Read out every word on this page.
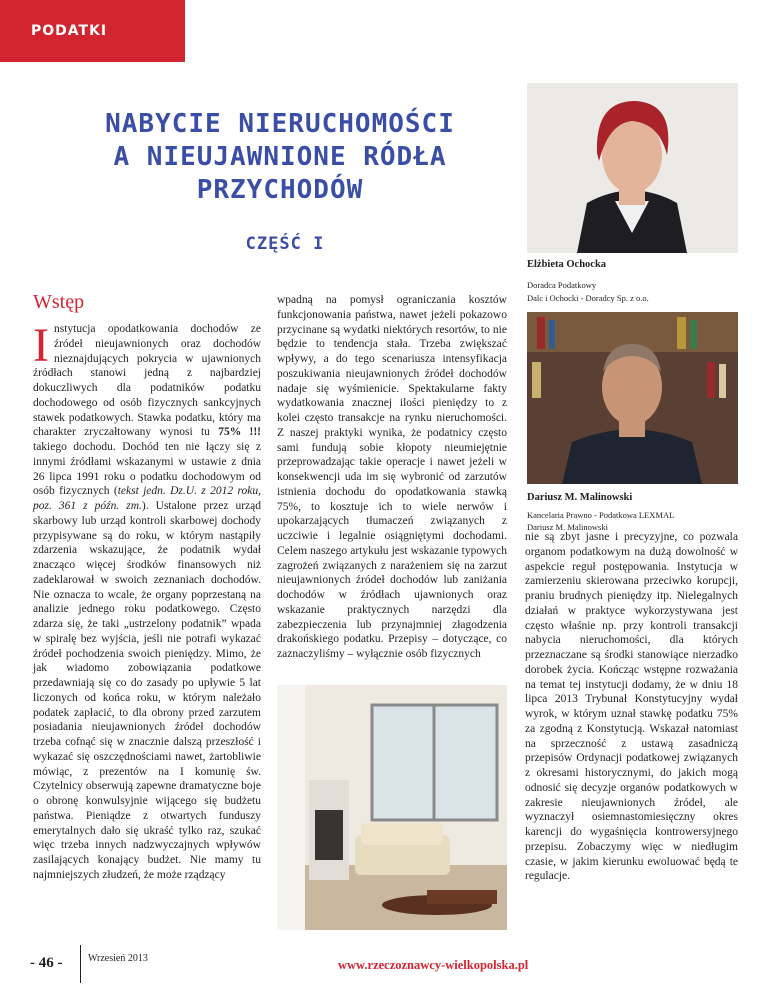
PODATKI
NABYCIE NIERUCHOMOŚCI
A NIEUJAWNIONE RÓDŁA
PRZYCHODÓW
CZĘŚĆ I
Elżbieta Ochocka
Doradca Podatkowy
Dalc i Ochocki - Doradcy Sp. z o.o.
Dariusz M. Malinowski
Kancelaria Prawno - Podatkowa LEXMAL
Dariusz M. Malinowski
Wstęp
Instytucja opodatkowania dochodów ze źródeł nieujawnionych oraz dochodów nieznajdujących pokrycia w ujawnionych źródłach stanowi jedną z najbardziej dokuczliwych dla podatników podatku dochodowego od osób fizycznych sankcyjnych stawek podatkowych. Stawka podatku, który ma charakter zryczałtowany wynosi tu 75% !!! takiego dochodu. Dochód ten nie łączy się z innymi źródłami wskazanymi w ustawie z dnia 26 lipca 1991 roku o podatku dochodowym od osób fizycznych (tekst jedn. Dz.U. z 2012 roku, poz. 361 z późn. zm.). Ustalone przez urząd skarbowy lub urząd kontroli skarbowej dochody przypisywane są do roku, w którym nastąpiły zdarzenia wskazujące, że podatnik wydał znacząco więcej środków finansowych niż zadeklarował w swoich zeznaniach dochodów. Nie oznacza to wcale, że organy poprzestaną na analizie jednego roku podatkowego. Często zdarza się, że taki „ustrzelony podatnik” wpada w spiralę bez wyjścia, jeśli nie potrafi wykazać źródeł pochodzenia swoich pieniędzy. Mimo, że jak wiadomo zobowiązania podatkowe przedawniają się co do zasady po upływie 5 lat liczonych od końca roku, w którym należało podatek zapłacić, to dla obrony przed zarzutem posiadania nieujawnionych źródeł dochodów trzeba cofnąć się w znacznie dalszą przeszłość i wykazać się oszczędnościami nawet, żartobliwie mówiąc, z prezentów na I komunię św. Czytelnicy obserwują zapewne dramatyczne boje o obronę konwulsyjnie wijącego się budżetu państwa. Pieniądze z otwartych funduszy emerytalnych dało się ukraść tylko raz, szukać więc trzeba innych nadzwyczajnych wpływów zasilających konający budżet. Nie mamy tu najmniejszych złudzeń, że może rządzący
wpadną na pomysł ograniczania kosztów funkcjonowania państwa, nawet jeżeli pokazowo przycinane są wydatki niektórych resortów, to nie będzie to tendencja stała. Trzeba zwiększać wpływy, a do tego scenariusza intensyfikacja poszukiwania nieujawnionych źródeł dochodów nadaje się wyśmienicie. Spektakularne fakty wydatkowania znacznej ilości pieniędzy to z kolei często transakcje na rynku nieruchomości. Z naszej praktyki wynika, że podatnicy często sami fundują sobie kłopoty nieumiejętnie przeprowadzając takie operacje i nawet jeżeli w konsekwencji uda im się wybronić od zarzutów istnienia dochodu do opodatkowania stawką 75%, to kosztuje ich to wiele nerwów i upokarzających tłumaczeń związanych z uczciwie i legalnie osiągniętymi dochodami. Celem naszego artykułu jest wskazanie typowych zagrożeń związanych z narażeniem się na zarzut nieujawnionych źródeł dochodów lub zaniżania dochodów w źródłach ujawnionych oraz wskazanie praktycznych narzędzi dla zabezpieczenia lub przynajmniej złagodzenia drakońskiego podatku. Przepisy – dotyczące, co zaznaczyliśmy – wyłącznie osób fizycznych
nie są zbyt jasne i precyzyjne, co pozwala organom podatkowym na dużą dowolność w aspekcie reguł postępowania. Instytucja w zamierzeniu skierowana przeciwko korupcji, praniu brudnych pieniędzy itp. Nielegalnych działań w praktyce wykorzystywana jest często właśnie np. przy kontroli transakcji nabycia nieruchomości, dla których przeznaczane są środki stanowiące nierzadko dorobek życia. Kończąc wstępne rozważania na temat tej instytucji dodamy, że w dniu 18 lipca 2013 Trybunał Konstytucyjny wydał wyrok, w którym uznał stawkę podatku 75% za zgodną z Konstytucją. Wskazał natomiast na sprzeczność z ustawą zasadniczą przepisów Ordynacji podatkowej związanych z okresami historycznymi, do jakich mogą odnosić się decyzje organów podatkowych w zakresie nieujawnionych źródeł, ale wyznaczył osiemnastomiesięczny okres karencji do wygaśnięcia kontrowersyjnego przepisu. Zobaczymy więc w niedługim czasie, w jakim kierunku ewoluować będą te regulacje.
- 46 -	Wrzesień 2013	www.rzeczoznawcy-wielkopolska.pl
